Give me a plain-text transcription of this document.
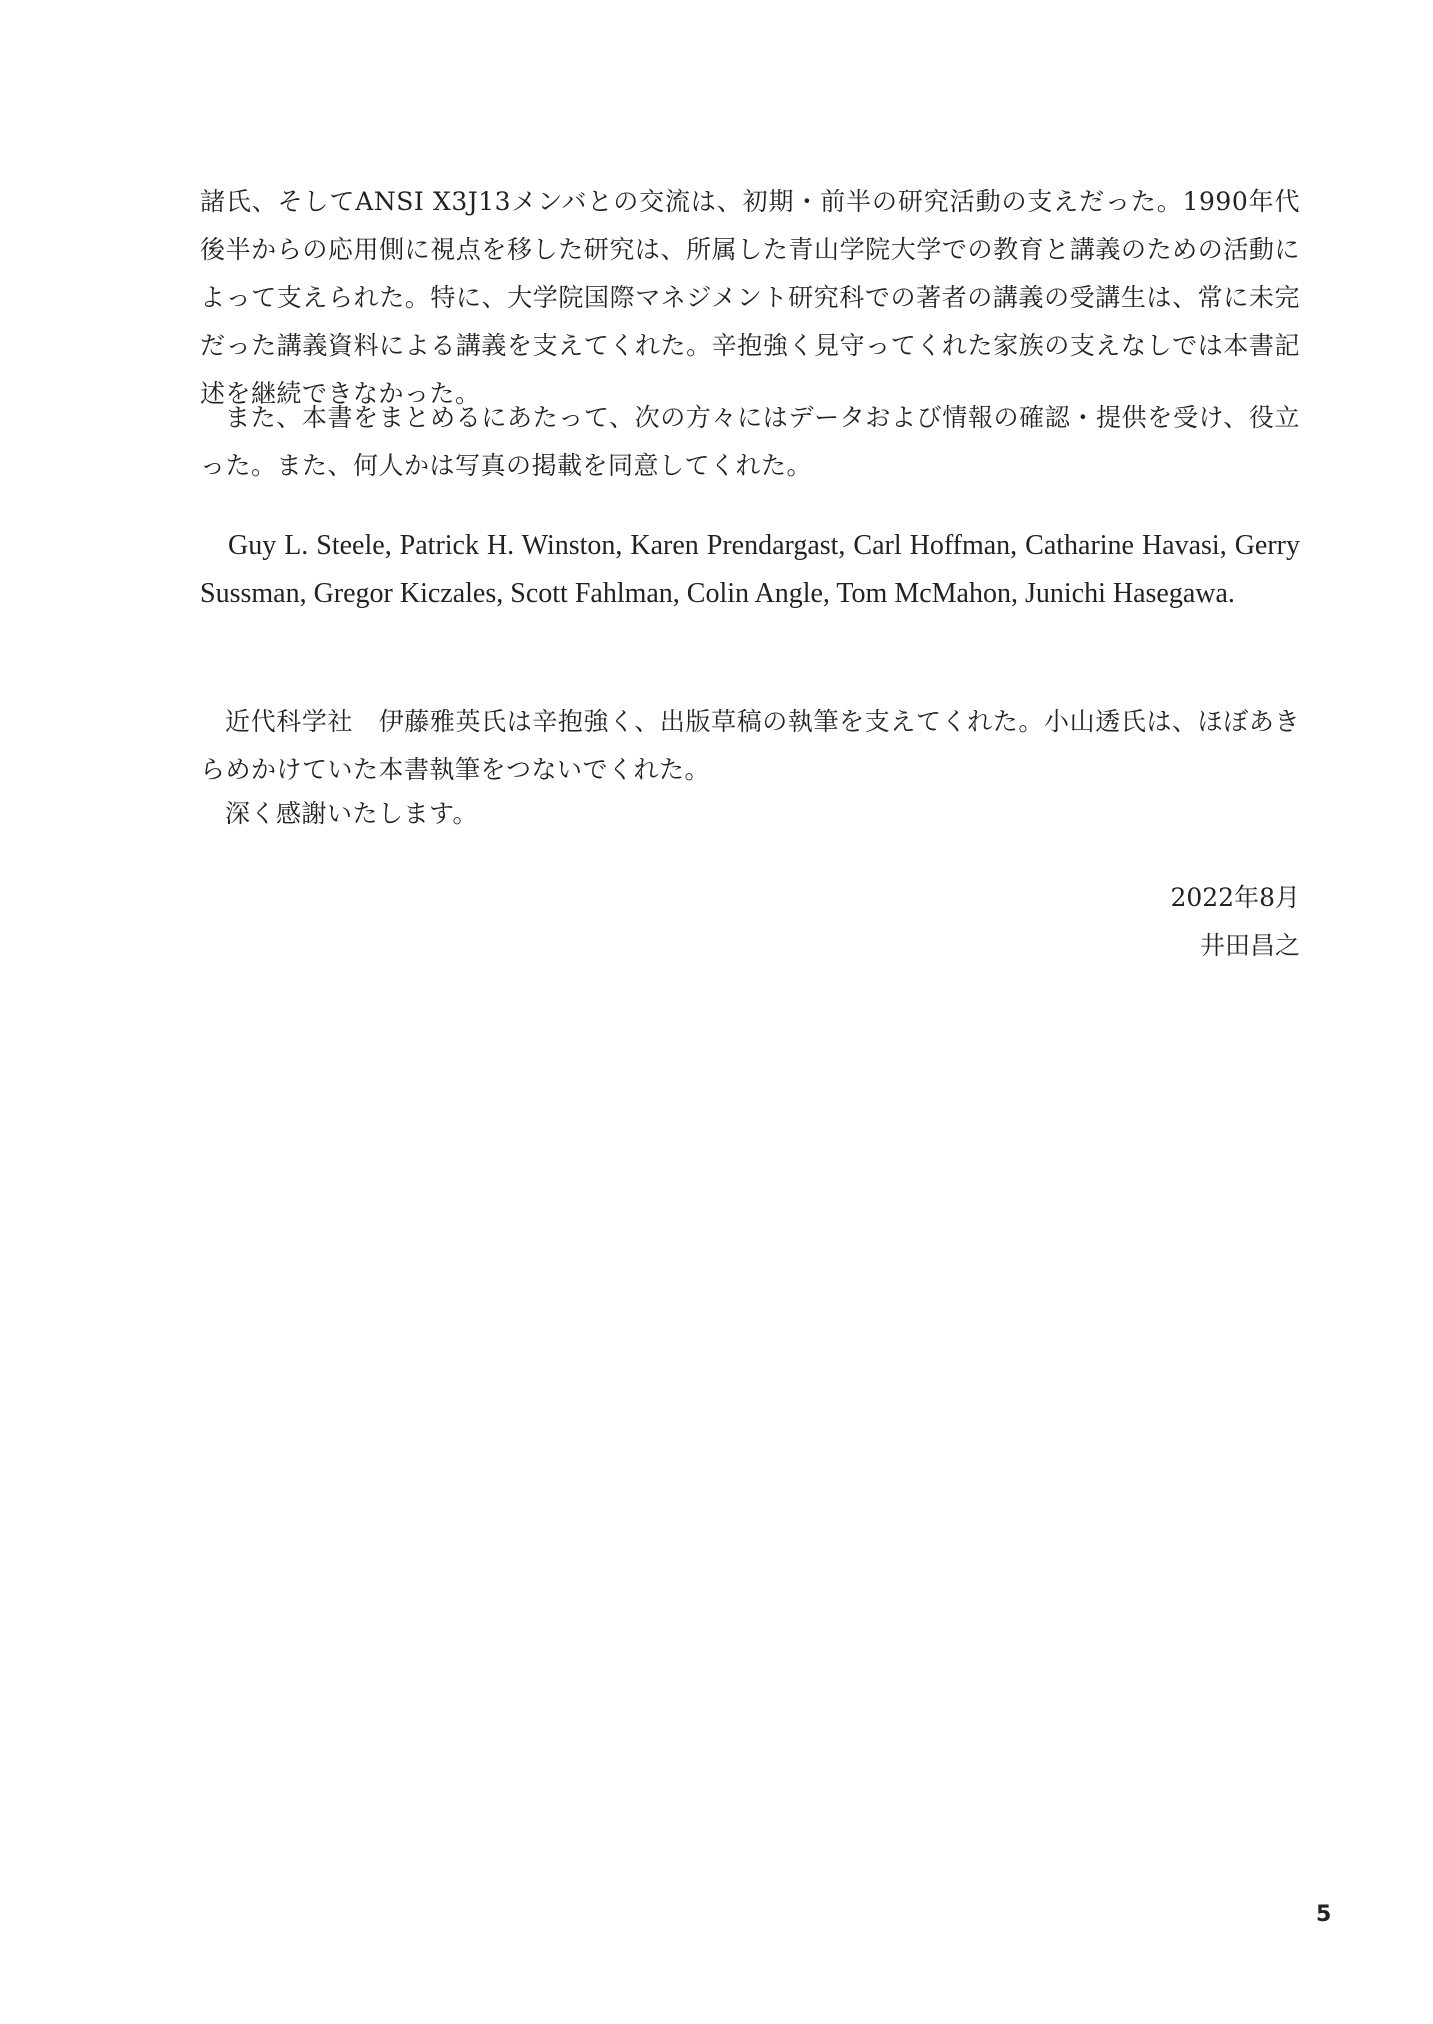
諸氏、そしてANSI X3J13メンバとの交流は、初期・前半の研究活動の支えだった。1990年代後半からの応用側に視点を移した研究は、所属した青山学院大学での教育と講義のための活動によって支えられた。特に、大学院国際マネジメント研究科での著者の講義の受講生は、常に未完だった講義資料による講義を支えてくれた。辛抱強く見守ってくれた家族の支えなしでは本書記述を継続できなかった。
また、本書をまとめるにあたって、次の方々にはデータおよび情報の確認・提供を受け、役立った。また、何人かは写真の掲載を同意してくれた。
Guy L. Steele, Patrick H. Winston, Karen Prendargast, Carl Hoffman, Catharine Havasi, Gerry Sussman, Gregor Kiczales, Scott Fahlman, Colin Angle, Tom McMahon, Junichi Hasegawa.
近代科学社　伊藤雅英氏は辛抱強く、出版草稿の執筆を支えてくれた。小山透氏は、ほぼあきらめかけていた本書執筆をつないでくれた。
深く感謝いたします。
2022年8月
井田昌之
5
